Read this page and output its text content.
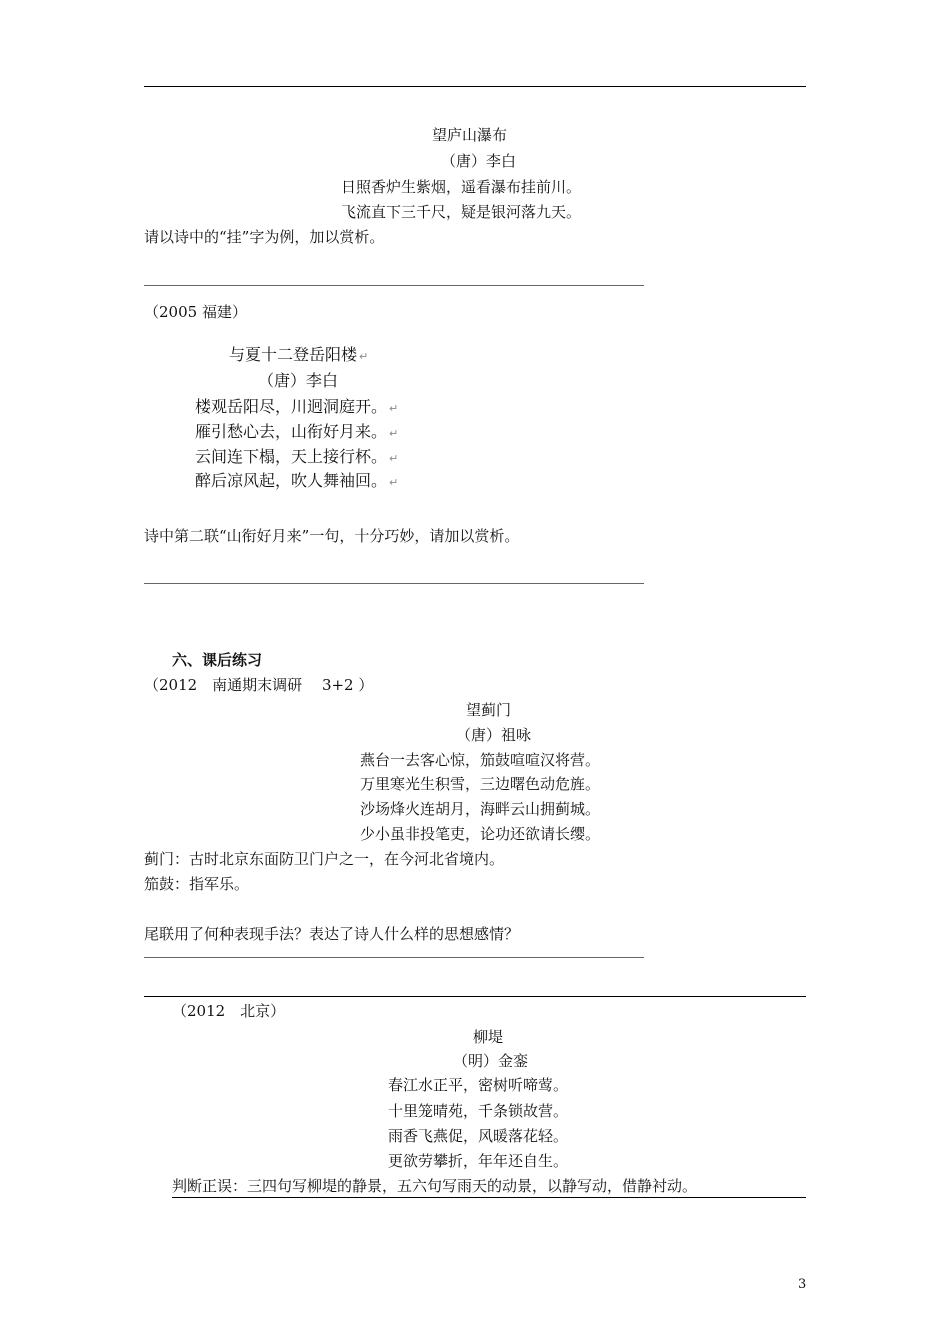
望庐山瀑布
（唐）李白
日照香炉生紫烟，遥看瀑布挂前川。
飞流直下三千尺，疑是银河落九天。
请以诗中的“挂”字为例，加以赏析。
（2005 福建）
与夏十二登岳阳楼 ↵
（唐）李白
楼观岳阳尽，川迥洞庭开。 ↵
雁引愁心去，山衔好月来。 ↵
云间连下榻，天上接行杯。 ↵
醉后凉风起，吹人舞袖回。 ↵
诗中第二联“山衔好月来”一句，十分巧妙，请加以赏析。
六、课后练习
（2012　南通期末调研　 3+2 ）
望蓟门
（唐）祖咏
燕台一去客心惊，笳鼓喧喧汉将营。
万里寒光生积雪，三边曙色动危旌。
沙场烽火连胡月，海畔云山拥蓟城。
少小虽非投笔吏，论功还欲请长缨。
蓟门：古时北京东面防卫门户之一，在今河北省境内。
笳鼓：指军乐。
尾联用了何种表现手法？表达了诗人什么样的思想感情？
（2012　北京）
柳堤
（明）金銮
春江水正平，密树听啼莺。
十里笼晴苑，千条锁故营。
雨香飞燕促，风暖落花轻。
更欲劳攀折，年年还自生。
判断正误：三四句写柳堤的静景，五六句写雨天的动景，以静写动，借静衬动。
3
